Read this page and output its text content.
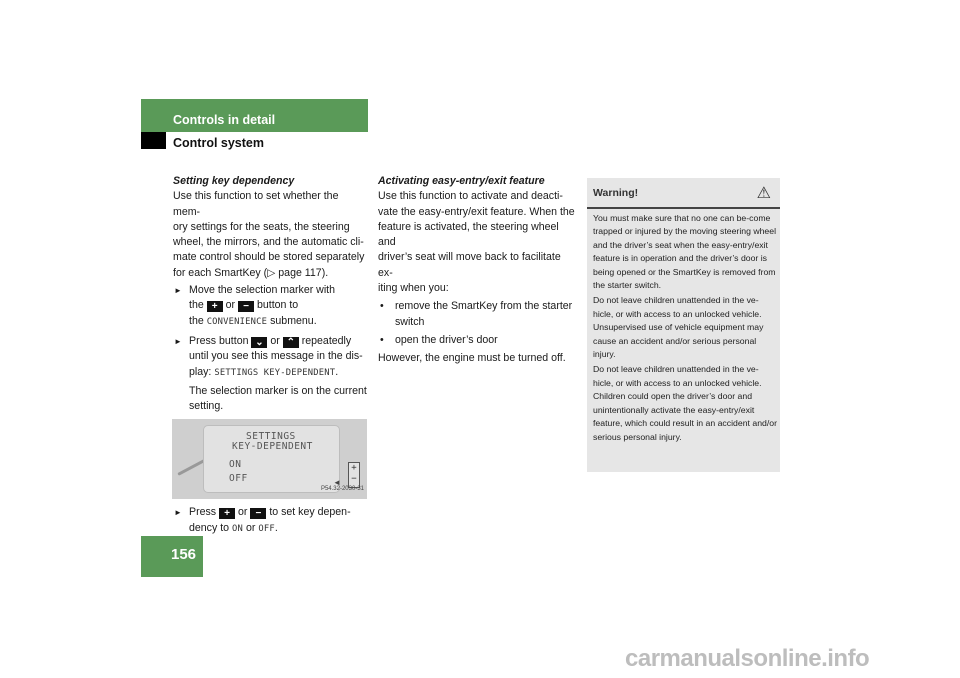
Controls in detail
Control system

Setting key dependency

Use this function to set whether the mem-
ory settings for the seats, the steering
wheel, the mirrors, and the automatic cli-
mate control should be stored separately
for each SmartKey (▷ page 117).

► Move the selection marker with
the + or − button to
the CONVENIENCE submenu.
► Press button ⌄ or ⌃ repeatedly
until you see this message in the dis-
play: SETTINGS KEY-DEPENDENT.

The selection marker is on the current
setting.

SETTINGS
KEY-DEPENDENT
ON
OFF	◄
+
−
P54.32-2030-31
► Press + or − to set key depen-
dency to ON or OFF.

Activating easy-entry/exit feature

Use this function to activate and deacti-
vate the easy-entry/exit feature. When the
feature is activated, the steering wheel and
driver’s seat will move back to facilitate ex-
iting when you:

• remove the SmartKey from the starter
switch
• open the driver’s door

However, the engine must be turned off.

Warning!	⚠

You must make sure that no one can be-come trapped or injured by the moving steering wheel and the driver’s seat when the easy-entry/exit feature is in operation and the driver’s door is being opened or the SmartKey is removed from the starter switch.

Do not leave children unattended in the ve-hicle, or with access to an unlocked vehicle. Unsupervised use of vehicle equipment may cause an accident and/or serious personal injury.

Do not leave children unattended in the ve-hicle, or with access to an unlocked vehicle. Children could open the driver’s door and unintentionally activate the easy-entry/exit feature, which could result in an accident and/or serious personal injury.

156
carmanualsonline.info
